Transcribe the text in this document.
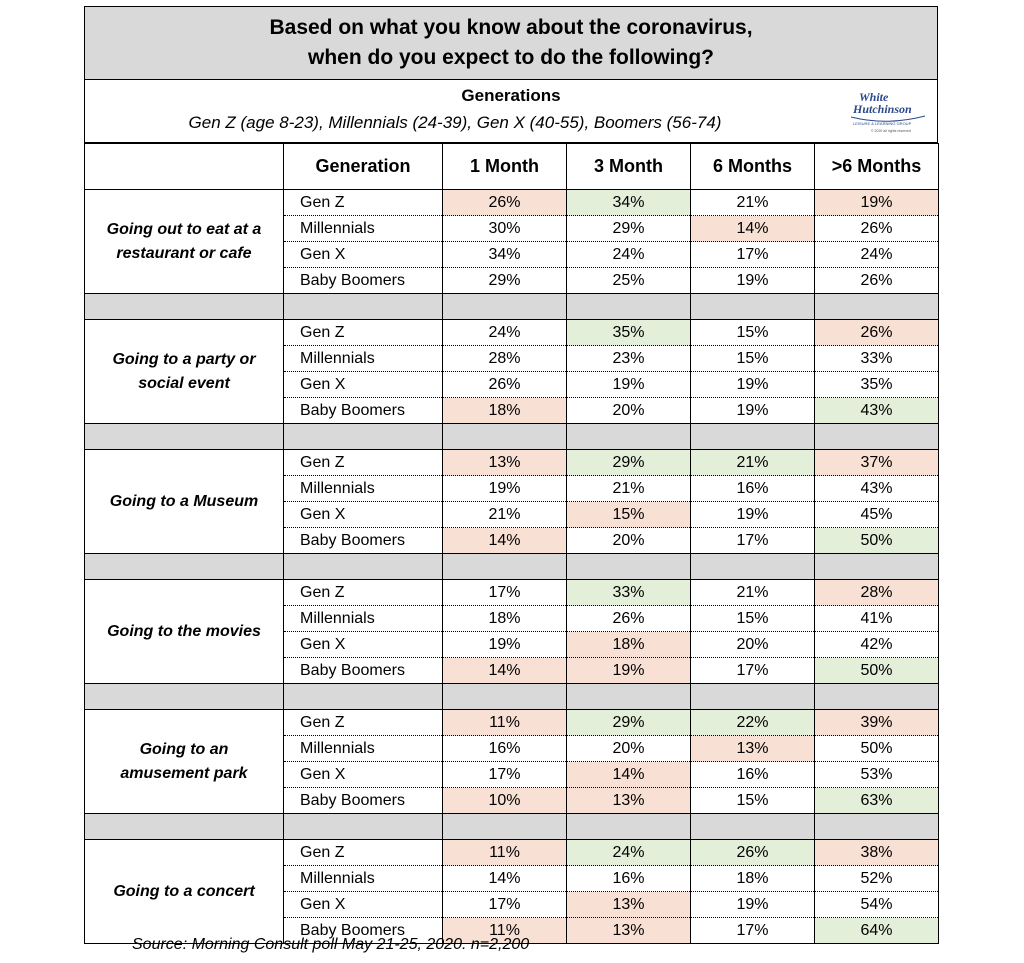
Based on what you know about the coronavirus,
when do you expect to do the following?
Generations
Gen Z (age 8-23), Millennials (24-39), Gen X (40-55), Boomers (56-74)
White
Hutchinson
LEISURE & LEARNING GROUP
© 2020 all rights reserved
	Generation	1 Month	3 Month	6 Months	>6 Months

Going out to eat at a
restaurant or cafe	Gen Z	26%	34%	21%	19%
	Millennials	30%	29%	14%	26%
	Gen X	34%	24%	17%	24%
	Baby Boomers	29%	25%	19%	26%

Going to a party or
social event	Gen Z	24%	35%	15%	26%
	Millennials	28%	23%	15%	33%
	Gen X	26%	19%	19%	35%
	Baby Boomers	18%	20%	19%	43%

Going to a Museum	Gen Z	13%	29%	21%	37%
	Millennials	19%	21%	16%	43%
	Gen X	21%	15%	19%	45%
	Baby Boomers	14%	20%	17%	50%

Going to the movies	Gen Z	17%	33%	21%	28%
	Millennials	18%	26%	15%	41%
	Gen X	19%	18%	20%	42%
	Baby Boomers	14%	19%	17%	50%

Going to an
amusement park	Gen Z	11%	29%	22%	39%
	Millennials	16%	20%	13%	50%
	Gen X	17%	14%	16%	53%
	Baby Boomers	10%	13%	15%	63%

Going to a concert	Gen Z	11%	24%	26%	38%
	Millennials	14%	16%	18%	52%
	Gen X	17%	13%	19%	54%
	Baby Boomers	11%	13%	17%	64%
Source: Morning Consult poll May 21-25, 2020. n=2,200
